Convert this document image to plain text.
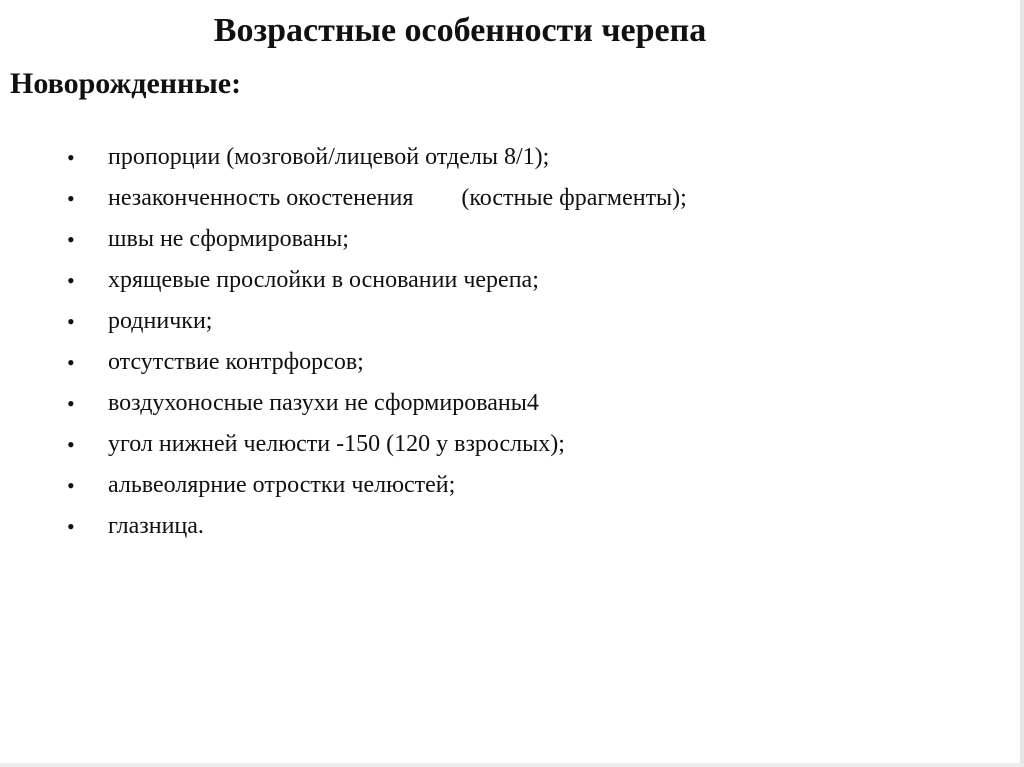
Возрастные особенности черепа
Новорожденные:

•

пропорции (мозговой/лицевой отделы 8/1);

•

незаконченность окостенения        (костные фрагменты);

•

швы не сформированы;

•

хрящевые прослойки в основании черепа;

•

роднички;

•

отсутствие контрфорсов;

•

воздухоносные пазухи не сформированы4

•

угол нижней челюсти -150 (120 у взрослых);

•

альвеолярние отростки челюстей;

•

глазница.
